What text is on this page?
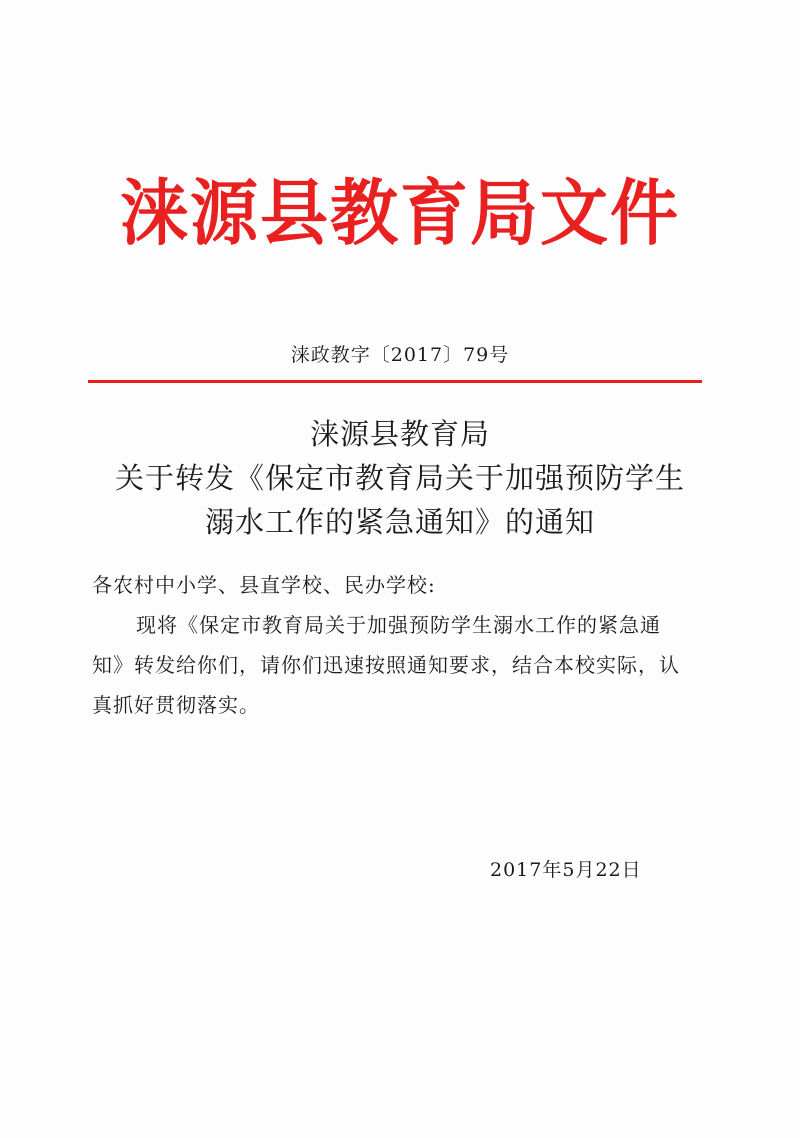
涞源县教育局文件
涞政教字〔2017〕79号
涞源县教育局
关于转发《保定市教育局关于加强预防学生
溺水工作的紧急通知》的通知
各农村中小学、县直学校、民办学校:
现将《保定市教育局关于加强预防学生溺水工作的紧急通
知》转发给你们，请你们迅速按照通知要求，结合本校实际，认
真抓好贯彻落实。
2017年5月22日
